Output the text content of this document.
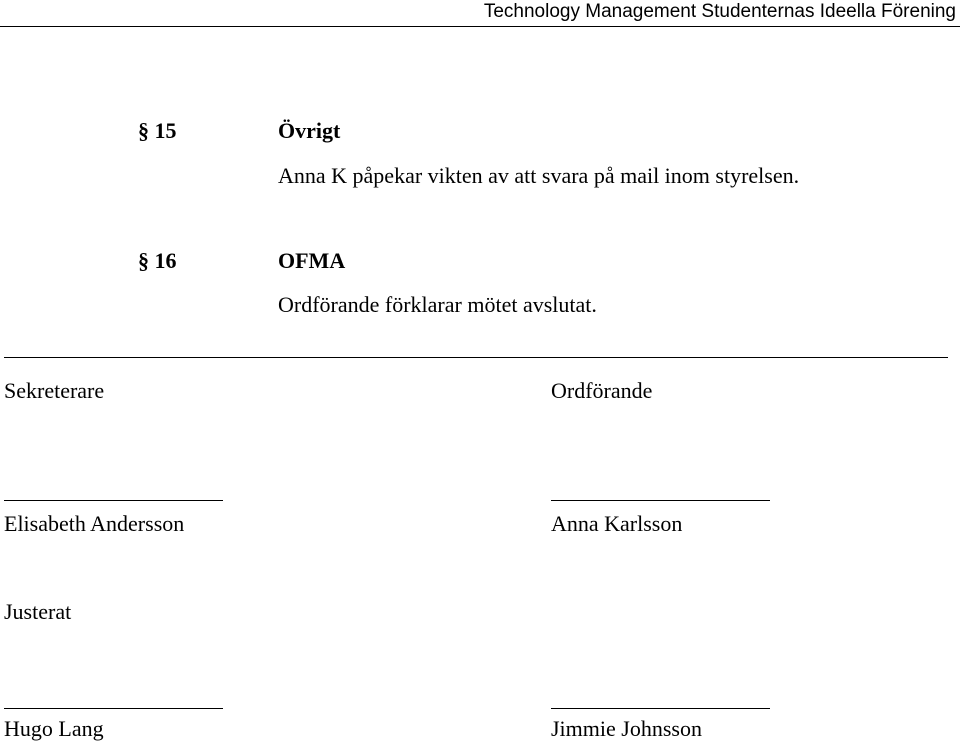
Technology Management Studenternas Ideella Förening
§ 15	Övrigt
Anna K påpekar vikten av att svara på mail inom styrelsen.
§ 16	OFMA
Ordförande förklarar mötet avslutat.
Sekreterare	Ordförande
Elisabeth Andersson	Anna Karlsson
Justerat
Hugo Lang	Jimmie Johnsson
